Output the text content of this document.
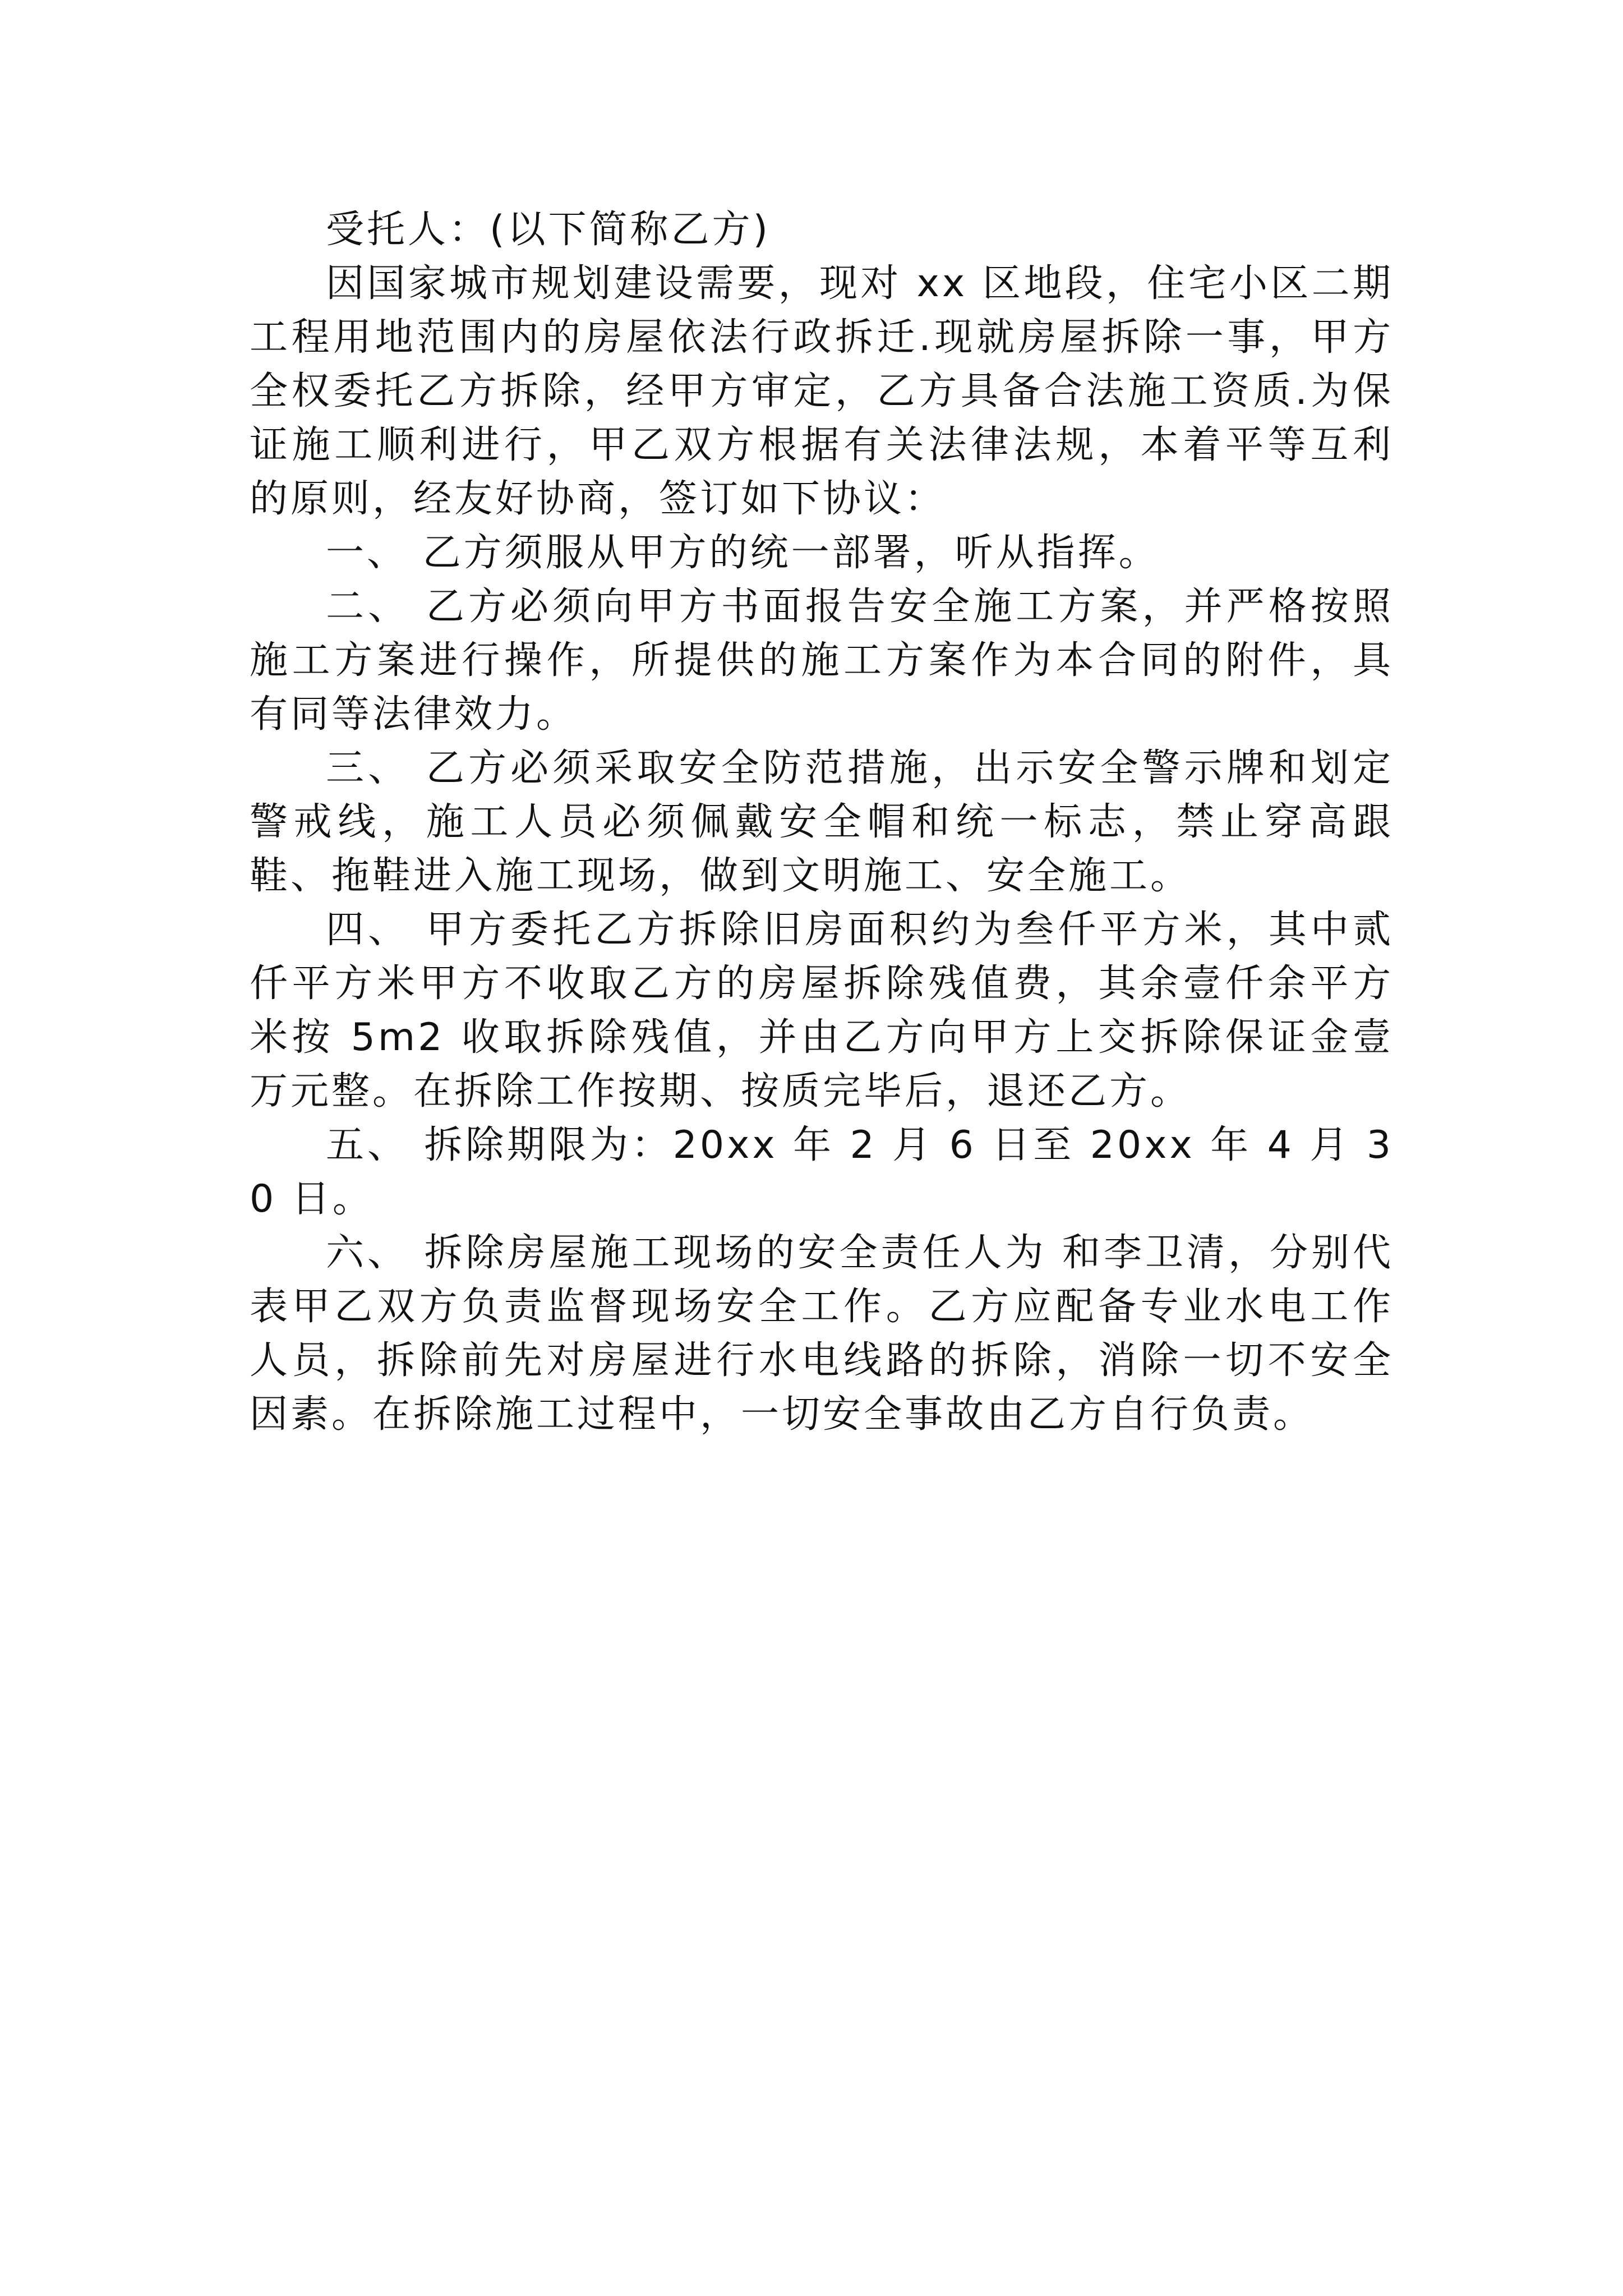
受托人：(以下简称乙方)

因国家城市规划建设需要，现对 xx 区地段，住宅小区二期工程用地范围内的房屋依法行政拆迁.现就房屋拆除一事，甲方全权委托乙方拆除，经甲方审定，乙方具备合法施工资质.为保证施工顺利进行，甲乙双方根据有关法律法规，本着平等互利的原则，经友好协商，签订如下协议：

一、 乙方须服从甲方的统一部署，听从指挥。

二、 乙方必须向甲方书面报告安全施工方案，并严格按照施工方案进行操作，所提供的施工方案作为本合同的附件，具有同等法律效力。

三、 乙方必须采取安全防范措施，出示安全警示牌和划定警戒线，施工人员必须佩戴安全帽和统一标志，禁止穿高跟鞋、拖鞋进入施工现场，做到文明施工、安全施工。

四、 甲方委托乙方拆除旧房面积约为叁仟平方米，其中贰仟平方米甲方不收取乙方的房屋拆除残值费，其余壹仟余平方米按 5m2 收取拆除残值，并由乙方向甲方上交拆除保证金壹万元整。在拆除工作按期、按质完毕后，退还乙方。

五、 拆除期限为：20xx 年 2 月 6 日至 20xx 年 4 月 30 日。

六、 拆除房屋施工现场的安全责任人为 和李卫清，分别代表甲乙双方负责监督现场安全工作。乙方应配备专业水电工作人员，拆除前先对房屋进行水电线路的拆除，消除一切不安全因素。在拆除施工过程中，一切安全事故由乙方自行负责。
